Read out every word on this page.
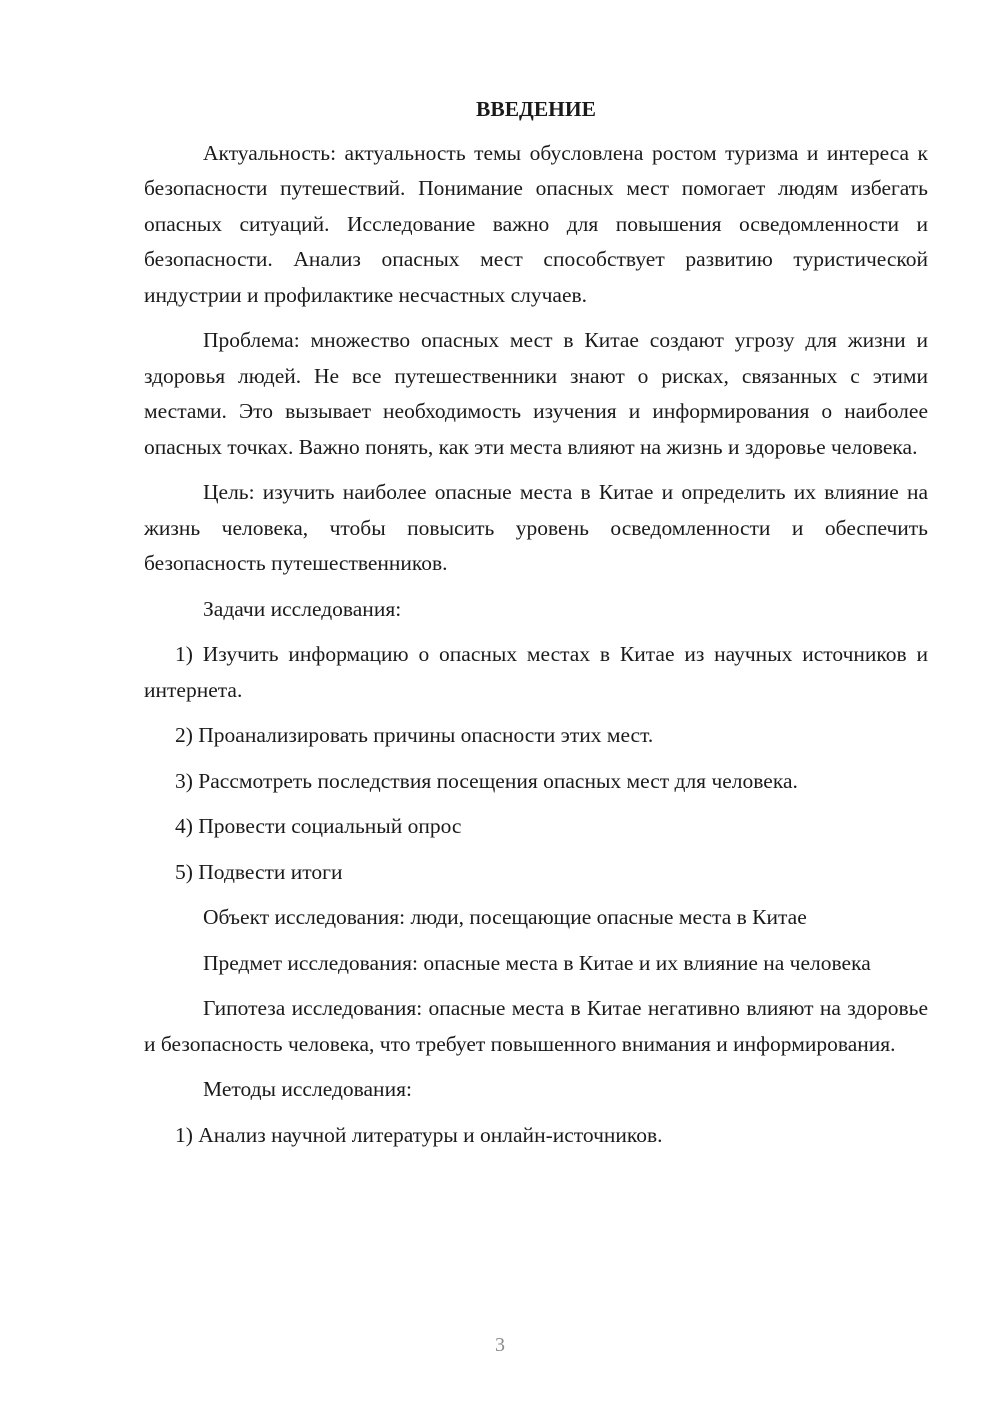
ВВЕДЕНИЕ

Актуальность: актуальность темы обусловлена ростом туризма и интереса к безопасности путешествий. Понимание опасных мест помогает людям избегать опасных ситуаций. Исследование важно для повышения осведомленности и безопасности. Анализ опасных мест способствует развитию туристической индустрии и профилактике несчастных случаев.

Проблема: множество опасных мест в Китае создают угрозу для жизни и здоровья людей. Не все путешественники знают о рисках, связанных с этими местами. Это вызывает необходимость изучения и информирования о наиболее опасных точках. Важно понять, как эти места влияют на жизнь и здоровье человека.

Цель: изучить наиболее опасные места в Китае и определить их влияние на жизнь человека, чтобы повысить уровень осведомленности и обеспечить безопасность путешественников.

Задачи исследования:

1) Изучить информацию о опасных местах в Китае из научных источников и интернета.

2) Проанализировать причины опасности этих мест.

3) Рассмотреть последствия посещения опасных мест для человека.

4) Провести социальный опрос

5) Подвести итоги

Объект исследования: люди, посещающие опасные места в Китае

Предмет исследования: опасные места в Китае и их влияние на человека

Гипотеза исследования: опасные места в Китае негативно влияют на здоровье и безопасность человека, что требует повышенного внимания и информирования.

Методы исследования:

1) Анализ научной литературы и онлайн-источников.

3
